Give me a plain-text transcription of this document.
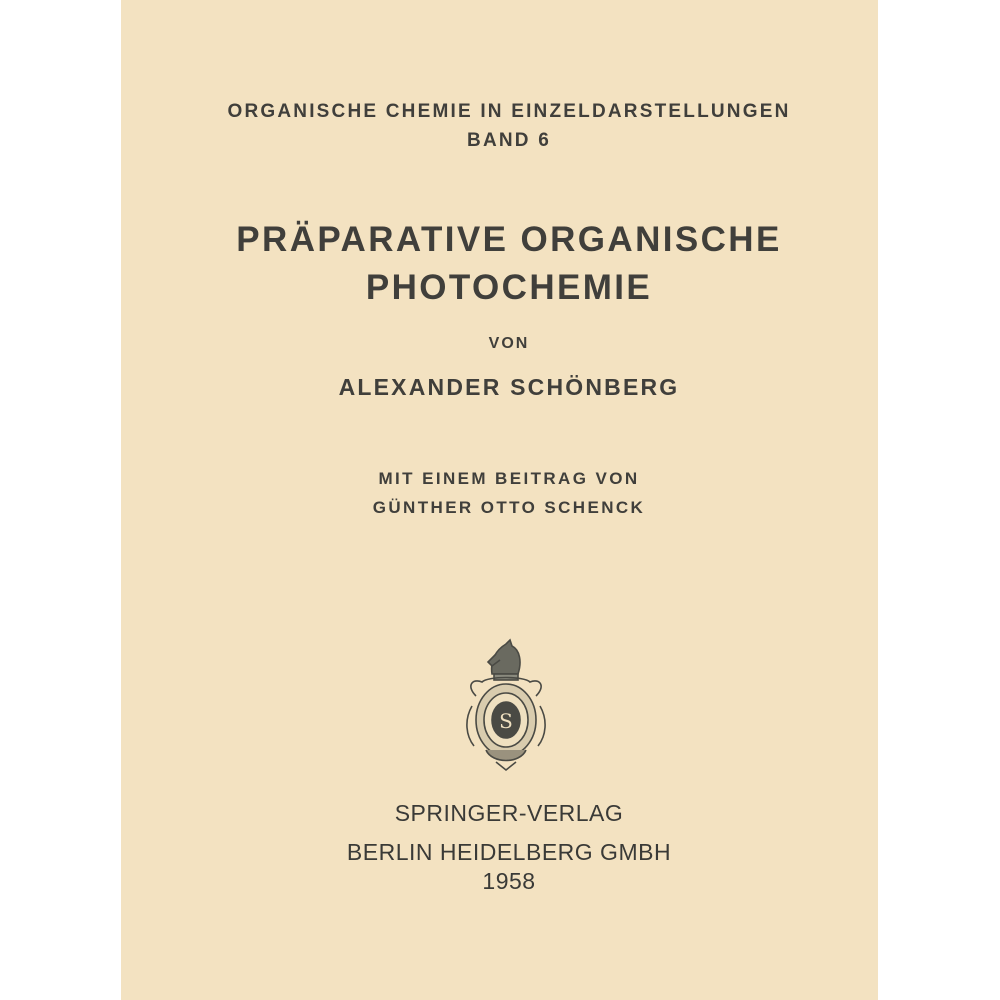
ORGANISCHE CHEMIE IN EINZELDARSTELLUNGEN
BAND 6
PRÄPARATIVE ORGANISCHE
PHOTOCHEMIE
VON
ALEXANDER SCHÖNBERG
MIT EINEM BEITRAG VON
GÜNTHER OTTO SCHENCK
S
SPRINGER-VERLAG
BERLIN HEIDELBERG GMBH
1958
